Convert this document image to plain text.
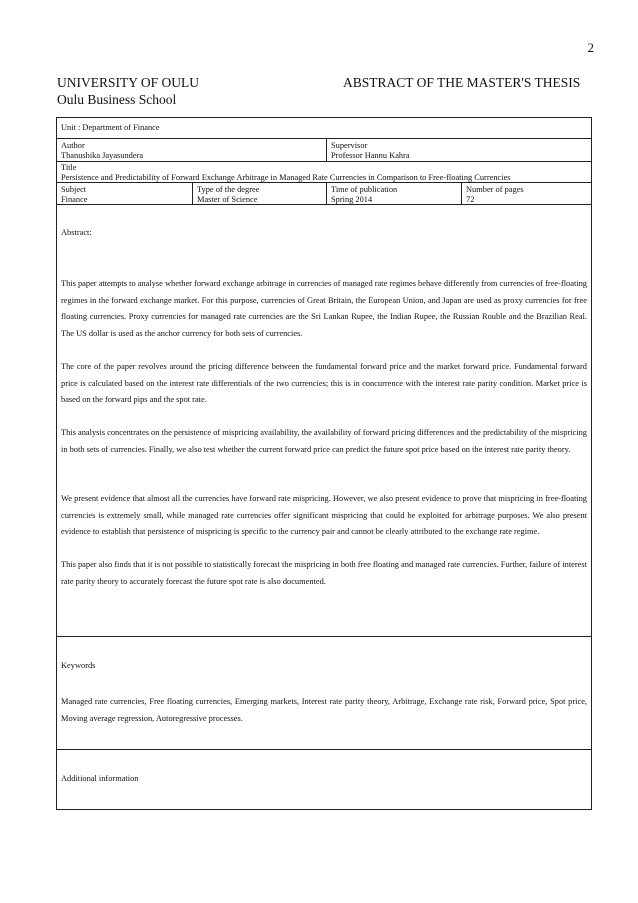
2
UNIVERSITY OF OULU
Oulu Business School
ABSTRACT OF THE MASTER'S THESIS
Unit : Department of Finance
Author
Thanushika Jayasundera
Supervisor
Professor Hannu Kahra
Title
Persistence and Predictability of Forward Exchange Arbitrage in Managed Rate Currencies in Comparison to Free-floating Currencies
Subject
Finance
Type of the degree
Master of Science
Time of publication
Spring 2014
Number of pages
72
Abstract:
This paper attempts to analyse whether forward exchange arbitrage in currencies of managed rate regimes behave differently from currencies of free-floating regimes in the forward exchange market. For this purpose, currencies of Great Britain, the European Union, and Japan are used as proxy currencies for free floating currencies. Proxy currencies for managed rate currencies are the Sri Lankan Rupee, the Indian Rupee, the Russian Rouble and the Brazilian Real. The US dollar is used as the anchor currency for both sets of currencies.
The core of the paper revolves around the pricing difference between the fundamental forward price and the market forward price. Fundamental forward price is calculated based on the interest rate differentials of the two currencies; this is in concurrence with the interest rate parity condition. Market price is based on the forward pips and the spot rate.
This analysis concentrates on the persistence of mispricing availability, the availability of forward pricing differences and the predictability of the mispricing in both sets of currencies. Finally, we also test whether the current forward price can predict the future spot price based on the interest rate parity theory.
We present evidence that almost all the currencies have forward rate mispricing. However, we also present evidence to prove that mispricing in free-floating currencies is extremely small, while managed rate currencies offer significant mispricing that could be exploited for arbitrage purposes. We also present evidence to establish that persistence of mispricing is specific to the currency pair and cannot be clearly attributed to the exchange rate regime.
This paper also finds that it is not possible to statistically forecast the mispricing in both free floating and managed rate currencies. Further, failure of interest rate parity theory to accurately forecast the future spot rate is also documented.
Keywords
Managed rate currencies, Free floating currencies, Emerging markets, Interest rate parity theory, Arbitrage, Exchange rate risk, Forward price, Spot price, Moving average regression, Autoregressive processes.
Additional information
